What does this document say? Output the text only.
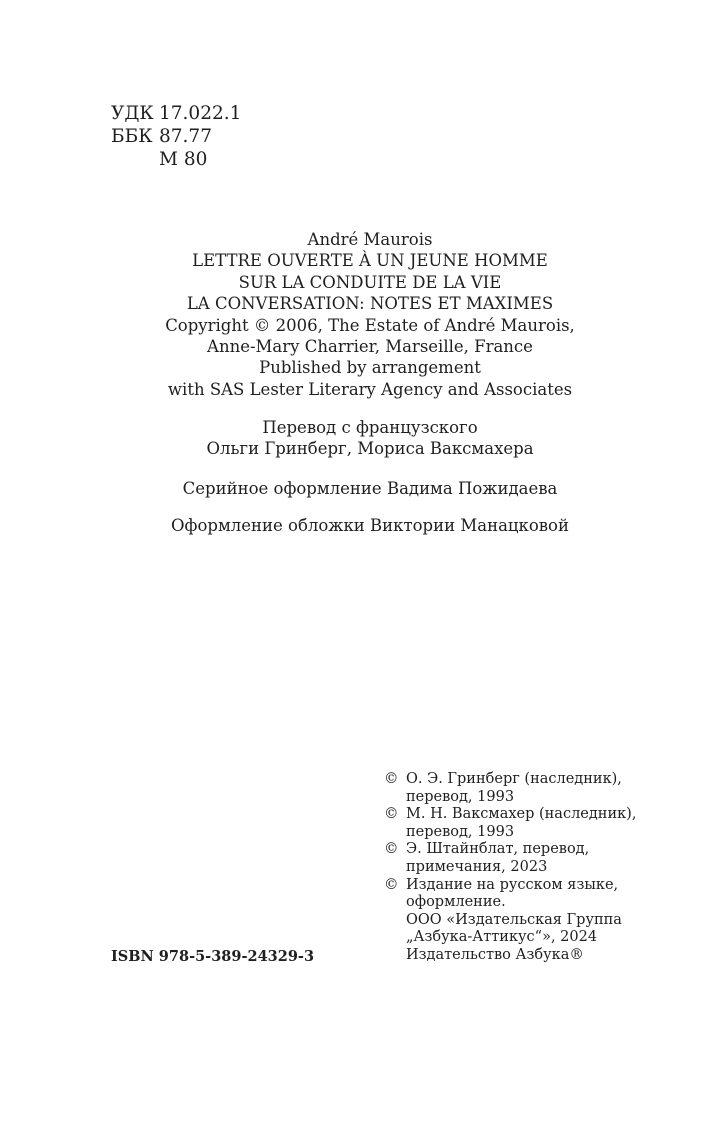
УДК 17.022.1
ББК 87.77
М 80
André Maurois
LETTRE OUVERTE À UN JEUNE HOMME
SUR LA CONDUITE DE LA VIE
LA CONVERSATION: NOTES ET MAXIMES
Copyright © 2006, The Estate of André Maurois,
Anne-Mary Charrier, Marseille, France
Published by arrangement
with SAS Lester Literary Agency and Associates
Перевод с французского
Ольги Гринберг, Мориса Ваксмахера
Серийное оформление Вадима Пожидаева
Оформление обложки Виктории Манацковой
© О. Э. Гринберг (наследник),
перевод, 1993
© М. Н. Ваксмахер (наследник),
перевод, 1993
© Э. Штайнблат, перевод,
примечания, 2023
© Издание на русском языке,
оформление.
ООО «Издательская Группа
„Азбука-Аттикус“», 2024
Издательство Азбука®
ISBN 978-5-389-24329-3
